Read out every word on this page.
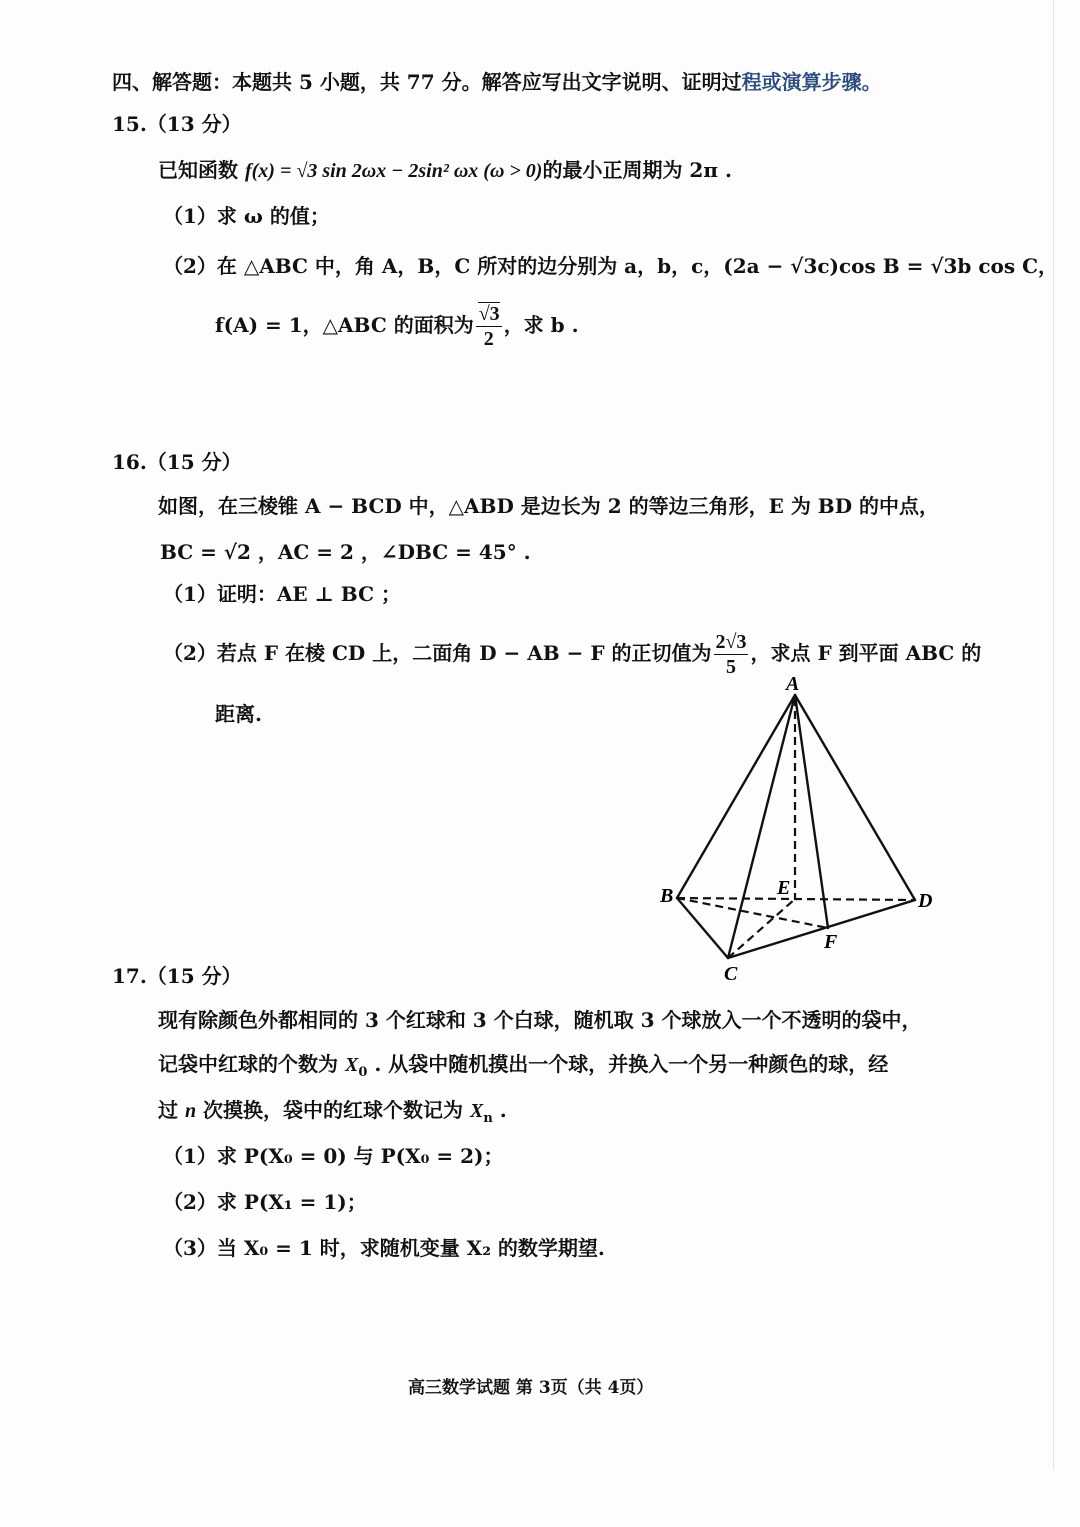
四、解答题：本题共 5 小题，共 77 分。解答应写出文字说明、证明过程或演算步骤。
15.（13 分）
已知函数 f(x) = √3 sin 2ωx − 2sin² ωx (ω > 0)的最小正周期为 2π .
（1）求 ω 的值；
（2）在 △ABC 中，角 A，B，C 所对的边分别为 a，b，c，(2a − √3c)cos B = √3b cos C，
f(A) = 1，△ABC 的面积为 $\frac{√3}{2}$ ，求 b .
16.（15 分）
如图，在三棱锥 A − BCD 中，△ABD 是边长为 2 的等边三角形，E 为 BD 的中点，
BC = √2 ，AC = 2 ，∠DBC = 45° .
（1）证明：AE ⊥ BC ；
（2）若点 F 在棱 CD 上，二面角 D − AB − F 的正切值为 $\frac{2√3}{5}$ ，求点 F 到平面 ABC 的
距离.
A
B
C
D
E
F
17.（15 分）
现有除颜色外都相同的 3 个红球和 3 个白球，随机取 3 个球放入一个不透明的袋中，
记袋中红球的个数为 $X_0$ . 从袋中随机摸出一个球，并换入一个另一种颜色的球，经
过 n 次摸换，袋中的红球个数记为 $X_n$ .
（1）求 P(X₀ = 0) 与 P(X₀ = 2)；
（2）求 P(X₁ = 1)；
（3）当 X₀ = 1 时，求随机变量 X₂ 的数学期望.
高三数学试题 第 3页（共 4页）
